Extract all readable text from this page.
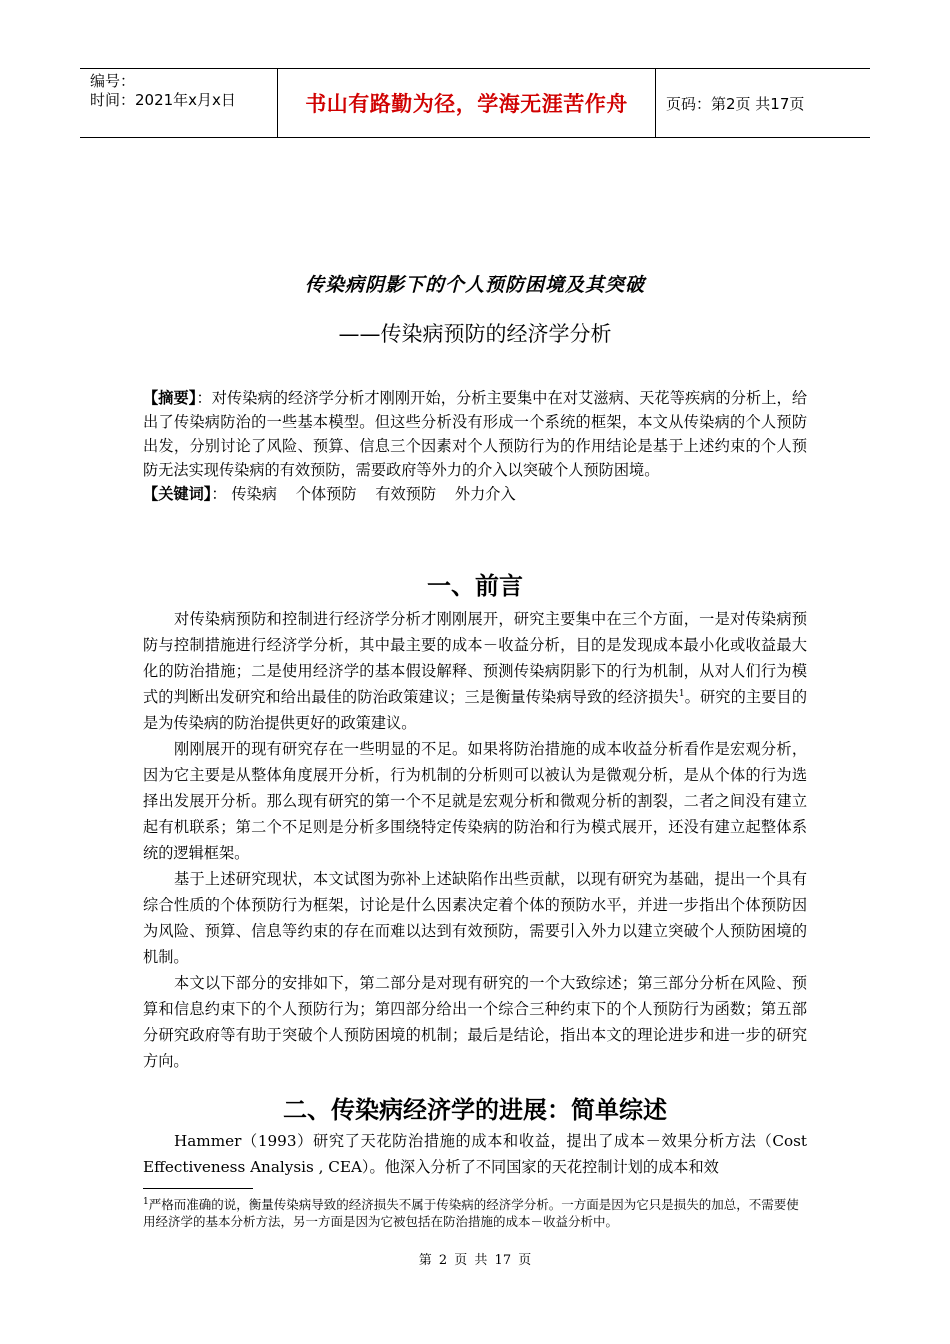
编号：
时间：2021年x月x日	书山有路勤为径，学海无涯苦作舟	页码：第2页 共17页
传染病阴影下的个人预防困境及其突破
——传染病预防的经济学分析
【摘要】：对传染病的经济学分析才刚刚开始，分析主要集中在对艾滋病、天花等疾病的分析上，给出了传染病防治的一些基本模型。但这些分析没有形成一个系统的框架，本文从传染病的个人预防出发，分别讨论了风险、预算、信息三个因素对个人预防行为的作用结论是基于上述约束的个人预防无法实现传染病的有效预防，需要政府等外力的介入以突破个人预防困境。
【关键词】： 传染病 个体预防 有效预防 外力介入
一、前言

对传染病预防和控制进行经济学分析才刚刚展开，研究主要集中在三个方面，一是对传染病预防与控制措施进行经济学分析，其中最主要的成本－收益分析，目的是发现成本最小化或收益最大化的防治措施；二是使用经济学的基本假设解释、预测传染病阴影下的行为机制，从对人们行为模式的判断出发研究和给出最佳的防治政策建议；三是衡量传染病导致的经济损失$^1$。研究的主要目的是为传染病的防治提供更好的政策建议。

刚刚展开的现有研究存在一些明显的不足。如果将防治措施的成本收益分析看作是宏观分析，因为它主要是从整体角度展开分析，行为机制的分析则可以被认为是微观分析，是从个体的行为选择出发展开分析。那么现有研究的第一个不足就是宏观分析和微观分析的割裂，二者之间没有建立起有机联系；第二个不足则是分析多围绕特定传染病的防治和行为模式展开，还没有建立起整体系统的逻辑框架。

基于上述研究现状，本文试图为弥补上述缺陷作出些贡献，以现有研究为基础，提出一个具有综合性质的个体预防行为框架，讨论是什么因素决定着个体的预防水平，并进一步指出个体预防因为风险、预算、信息等约束的存在而难以达到有效预防，需要引入外力以建立突破个人预防困境的机制。

本文以下部分的安排如下，第二部分是对现有研究的一个大致综述；第三部分分析在风险、预算和信息约束下的个人预防行为；第四部分给出一个综合三种约束下的个人预防行为函数；第五部分研究政府等有助于突破个人预防困境的机制；最后是结论，指出本文的理论进步和进一步的研究方向。

二、传染病经济学的进展：简单综述

Hammer（1993）研究了天花防治措施的成本和收益，提出了成本－效果分析方法（Cost Effectiveness Analysis , CEA）。他深入分析了不同国家的天花控制计划的成本和效

$^1$严格而准确的说，衡量传染病导致的经济损失不属于传染病的经济学分析。一方面是因为它只是损失的加总，不需要使用经济学的基本分析方法，另一方面是因为它被包括在防治措施的成本－收益分析中。
第 2 页 共 17 页
